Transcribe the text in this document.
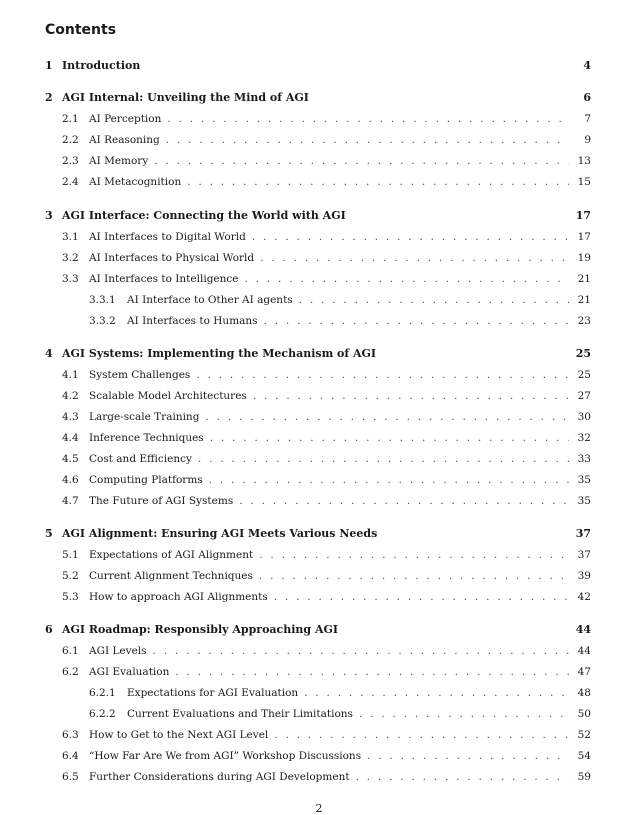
Contents
1 Introduction	4
2 AGI Internal: Unveiling the Mind of AGI	6
2.1 AI Perception . . .	7
2.2 AI Reasoning . . .	9
2.3 AI Memory . . .	13
2.4 AI Metacognition . . .	15
3 AGI Interface: Connecting the World with AGI	17
3.1 AI Interfaces to Digital World . . .	17
3.2 AI Interfaces to Physical World . . .	19
3.3 AI Interfaces to Intelligence . . .	21
3.3.1 AI Interface to Other AI agents . . .	21
3.3.2 AI Interfaces to Humans . . .	23
4 AGI Systems: Implementing the Mechanism of AGI	25
4.1 System Challenges . . .	25
4.2 Scalable Model Architectures . . .	27
4.3 Large-scale Training . . .	30
4.4 Inference Techniques . . .	32
4.5 Cost and Efficiency . . .	33
4.6 Computing Platforms . . .	35
4.7 The Future of AGI Systems . . .	35
5 AGI Alignment: Ensuring AGI Meets Various Needs	37
5.1 Expectations of AGI Alignment . . .	37
5.2 Current Alignment Techniques . . .	39
5.3 How to approach AGI Alignments . . .	42
6 AGI Roadmap: Responsibly Approaching AGI	44
6.1 AGI Levels . . .	44
6.2 AGI Evaluation . . .	47
6.2.1 Expectations for AGI Evaluation . . .	48
6.2.2 Current Evaluations and Their Limitations . . .	50
6.3 How to Get to the Next AGI Level . . .	52
6.4 “How Far Are We from AGI” Workshop Discussions . . .	54
6.5 Further Considerations during AGI Development . . .	59
2
